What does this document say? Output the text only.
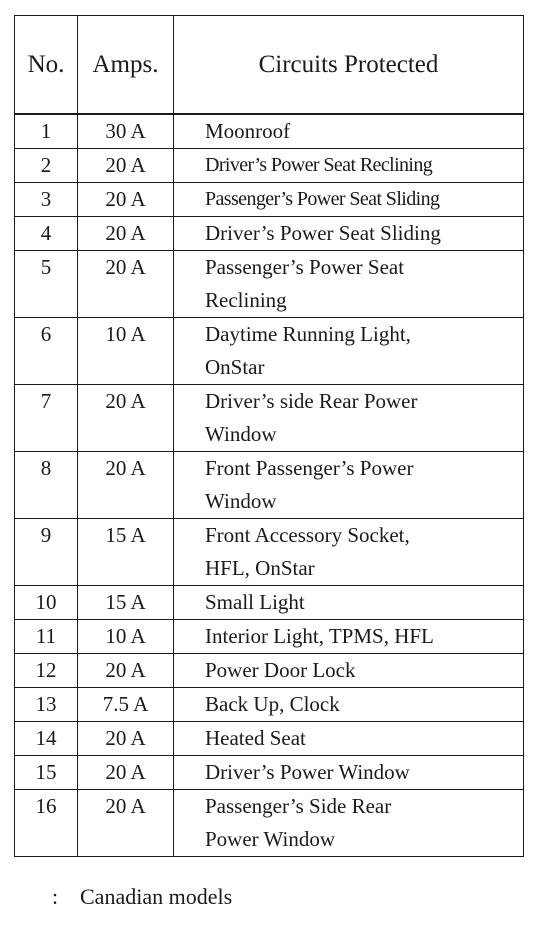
No.	Amps.	Circuits Protected
1	30 A	Moonroof

2	20 A	Driver’s Power Seat Reclining

3	20 A	Passenger’s Power Seat Sliding

4	20 A	Driver’s Power Seat Sliding

5	20 A	Passenger’s Power Seat
Reclining

6	10 A	Daytime Running Light,
OnStar

7	20 A	Driver’s side Rear Power
Window

8	20 A	Front Passenger’s Power
Window

9	15 A	Front Accessory Socket,
HFL, OnStar

10	15 A	Small Light

11	10 A	Interior Light, TPMS, HFL

12	20 A	Power Door Lock

13	7.5 A	Back Up, Clock

14	20 A	Heated Seat

15	20 A	Driver’s Power Window

16	20 A	Passenger’s Side Rear
Power Window
: Canadian models
